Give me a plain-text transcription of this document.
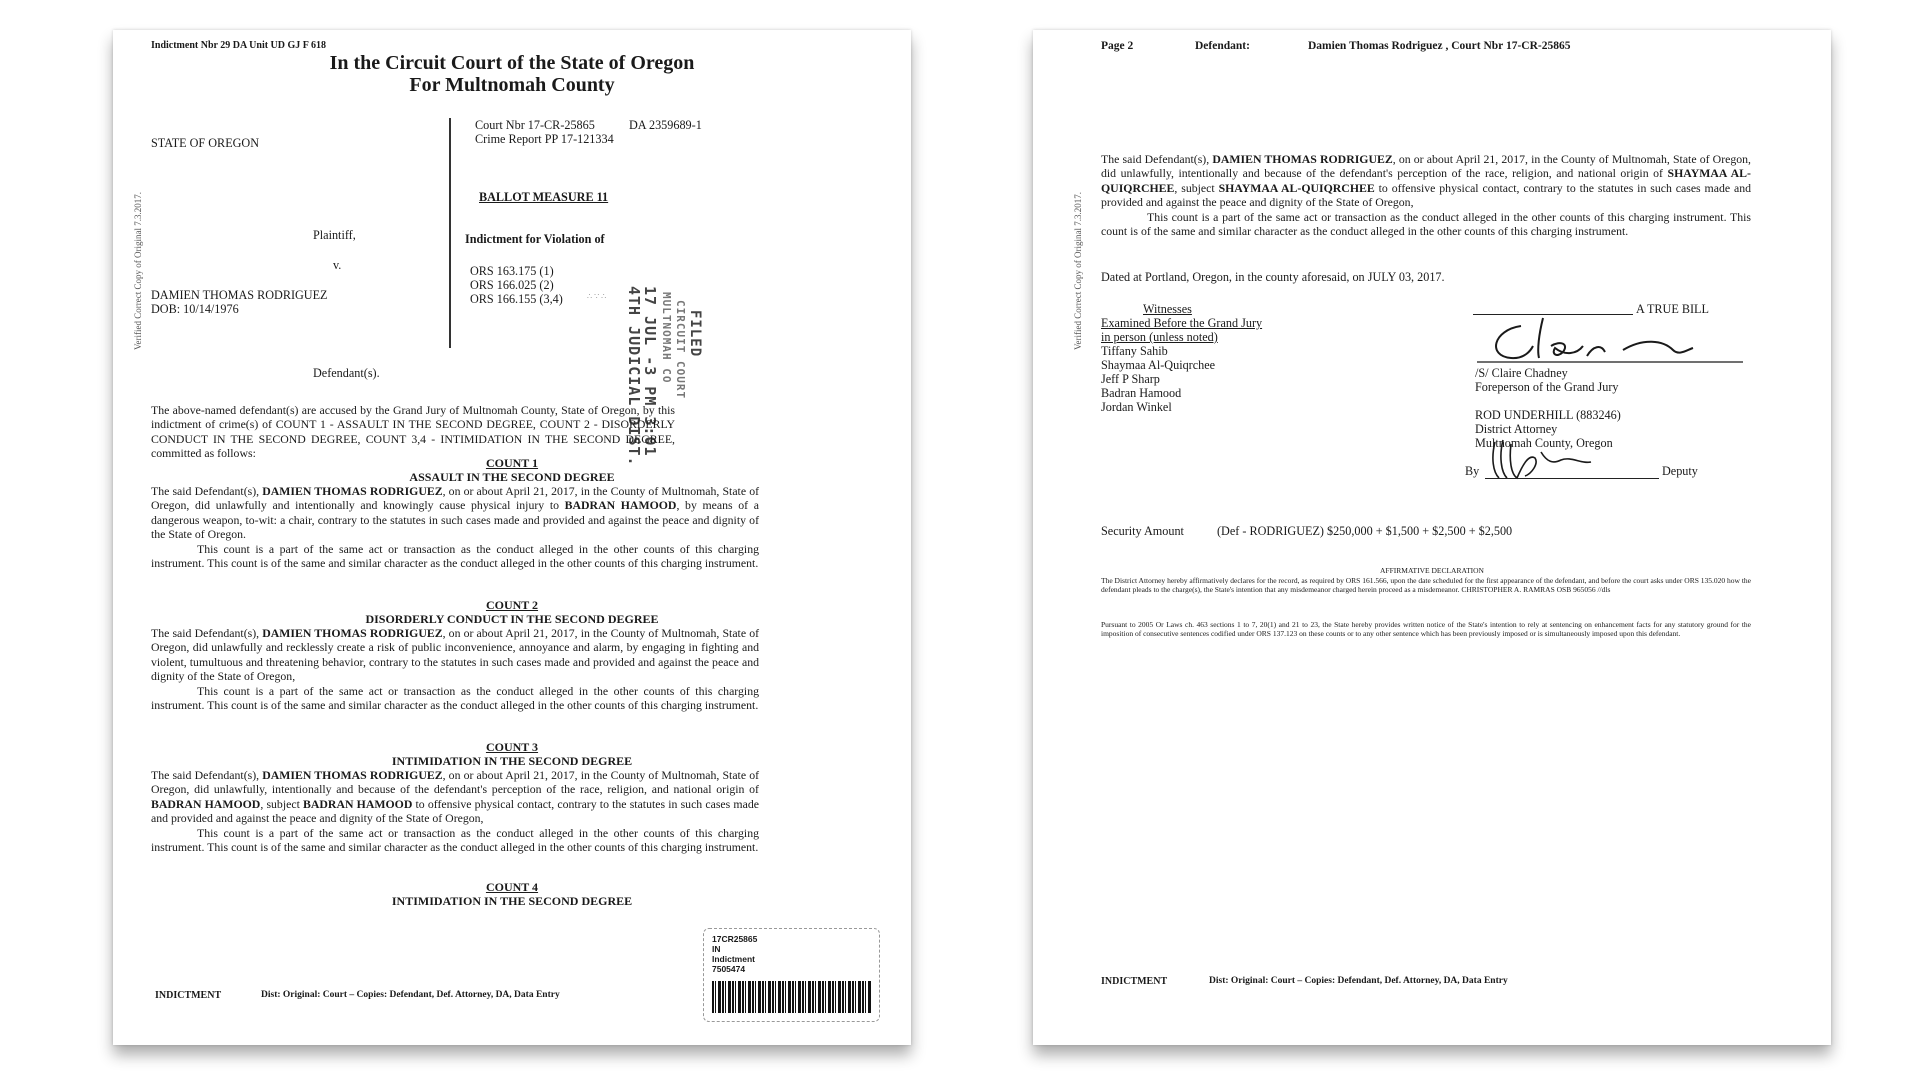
Indictment Nbr 29 DA Unit UD GJ F 618
In the Circuit Court of the State of Oregon
For Multnomah County
Verified Correct Copy of Original 7.3.2017.
STATE OF OREGON
Plaintiff,
v.
DAMIEN THOMAS RODRIGUEZ
DOB: 10/14/1976
Defendant(s).
Court Nbr 17-CR-25865	DA 2359689-1
Crime Report PP 17-121334
BALLOT MEASURE 11
Indictment for Violation of
ORS 163.175 (1)
ORS 166.025 (2)
ORS 166.155 (3,4)
FILED
CIRCUIT COURT
MULTNOMAH CO
17 JUL -3 PM 3:01
4TH JUDICIAL DIST.
∴ ∵ ∴
The above-named defendant(s) are accused by the Grand Jury of Multnomah County, State of Oregon, by this indictment of crime(s) of COUNT 1 - ASSAULT IN THE SECOND DEGREE, COUNT 2 - DISORDERLY CONDUCT IN THE SECOND DEGREE, COUNT 3,4 - INTIMIDATION IN THE SECOND DEGREE, committed as follows:
COUNT 1
ASSAULT IN THE SECOND DEGREE
The said Defendant(s), DAMIEN THOMAS RODRIGUEZ, on or about April 21, 2017, in the County of Multnomah, State of Oregon, did unlawfully and intentionally and knowingly cause physical injury to BADRAN HAMOOD, by means of a dangerous weapon, to-wit: a chair, contrary to the statutes in such cases made and provided and against the peace and dignity of the State of Oregon.
This count is a part of the same act or transaction as the conduct alleged in the other counts of this charging instrument. This count is of the same and similar character as the conduct alleged in the other counts of this charging instrument.
COUNT 2
DISORDERLY CONDUCT IN THE SECOND DEGREE
The said Defendant(s), DAMIEN THOMAS RODRIGUEZ, on or about April 21, 2017, in the County of Multnomah, State of Oregon, did unlawfully and recklessly create a risk of public inconvenience, annoyance and alarm, by engaging in fighting and violent, tumultuous and threatening behavior, contrary to the statutes in such cases made and provided and against the peace and dignity of the State of Oregon,
This count is a part of the same act or transaction as the conduct alleged in the other counts of this charging instrument. This count is of the same and similar character as the conduct alleged in the other counts of this charging instrument.
COUNT 3
INTIMIDATION IN THE SECOND DEGREE
The said Defendant(s), DAMIEN THOMAS RODRIGUEZ, on or about April 21, 2017, in the County of Multnomah, State of Oregon, did unlawfully, intentionally and because of the defendant's perception of the race, religion, and national origin of BADRAN HAMOOD, subject BADRAN HAMOOD to offensive physical contact, contrary to the statutes in such cases made and provided and against the peace and dignity of the State of Oregon,
This count is a part of the same act or transaction as the conduct alleged in the other counts of this charging instrument. This count is of the same and similar character as the conduct alleged in the other counts of this charging instrument.
COUNT 4
INTIMIDATION IN THE SECOND DEGREE
17CR25865
IN
Indictment
7505474
INDICTMENT	Dist: Original: Court – Copies: Defendant, Def. Attorney, DA, Data Entry
Page 2	Defendant:	Damien Thomas Rodriguez , Court Nbr 17-CR-25865
Verified Correct Copy of Original 7.3.2017.
The said Defendant(s), DAMIEN THOMAS RODRIGUEZ, on or about April 21, 2017, in the County of Multnomah, State of Oregon, did unlawfully, intentionally and because of the defendant's perception of the race, religion, and national origin of SHAYMAA AL-QUIQRCHEE, subject SHAYMAA AL-QUIQRCHEE to offensive physical contact, contrary to the statutes in such cases made and provided and against the peace and dignity of the State of Oregon,
This count is a part of the same act or transaction as the conduct alleged in the other counts of this charging instrument. This count is of the same and similar character as the conduct alleged in the other counts of this charging instrument.
Dated at Portland, Oregon, in the county aforesaid, on JULY 03, 2017.
Witnesses
Examined Before the Grand Jury
in person (unless noted)
Tiffany Sahib
Shaymaa Al-Quiqrchee
Jeff P Sharp
Badran Hamood
Jordan Winkel
A TRUE BILL
/S/ Claire Chadney
Foreperson of the Grand Jury
ROD UNDERHILL (883246)
District Attorney
Multnomah County, Oregon
By	Deputy
Security Amount	(Def - RODRIGUEZ) $250,000 + $1,500 + $2,500 + $2,500
AFFIRMATIVE DECLARATION
The District Attorney hereby affirmatively declares for the record, as required by ORS 161.566, upon the date scheduled for the first appearance of the defendant, and before the court asks under ORS 135.020 how the defendant pleads to the charge(s), the State's intention that any misdemeanor charged herein proceed as a misdemeanor. CHRISTOPHER A. RAMRAS OSB 965056 //dls
Pursuant to 2005 Or Laws ch. 463 sections 1 to 7, 20(1) and 21 to 23, the State hereby provides written notice of the State's intention to rely at sentencing on enhancement facts for any statutory ground for the imposition of consecutive sentences codified under ORS 137.123 on these counts or to any other sentence which has been previously imposed or is simultaneously imposed upon this defendant.
INDICTMENT	Dist: Original: Court – Copies: Defendant, Def. Attorney, DA, Data Entry
